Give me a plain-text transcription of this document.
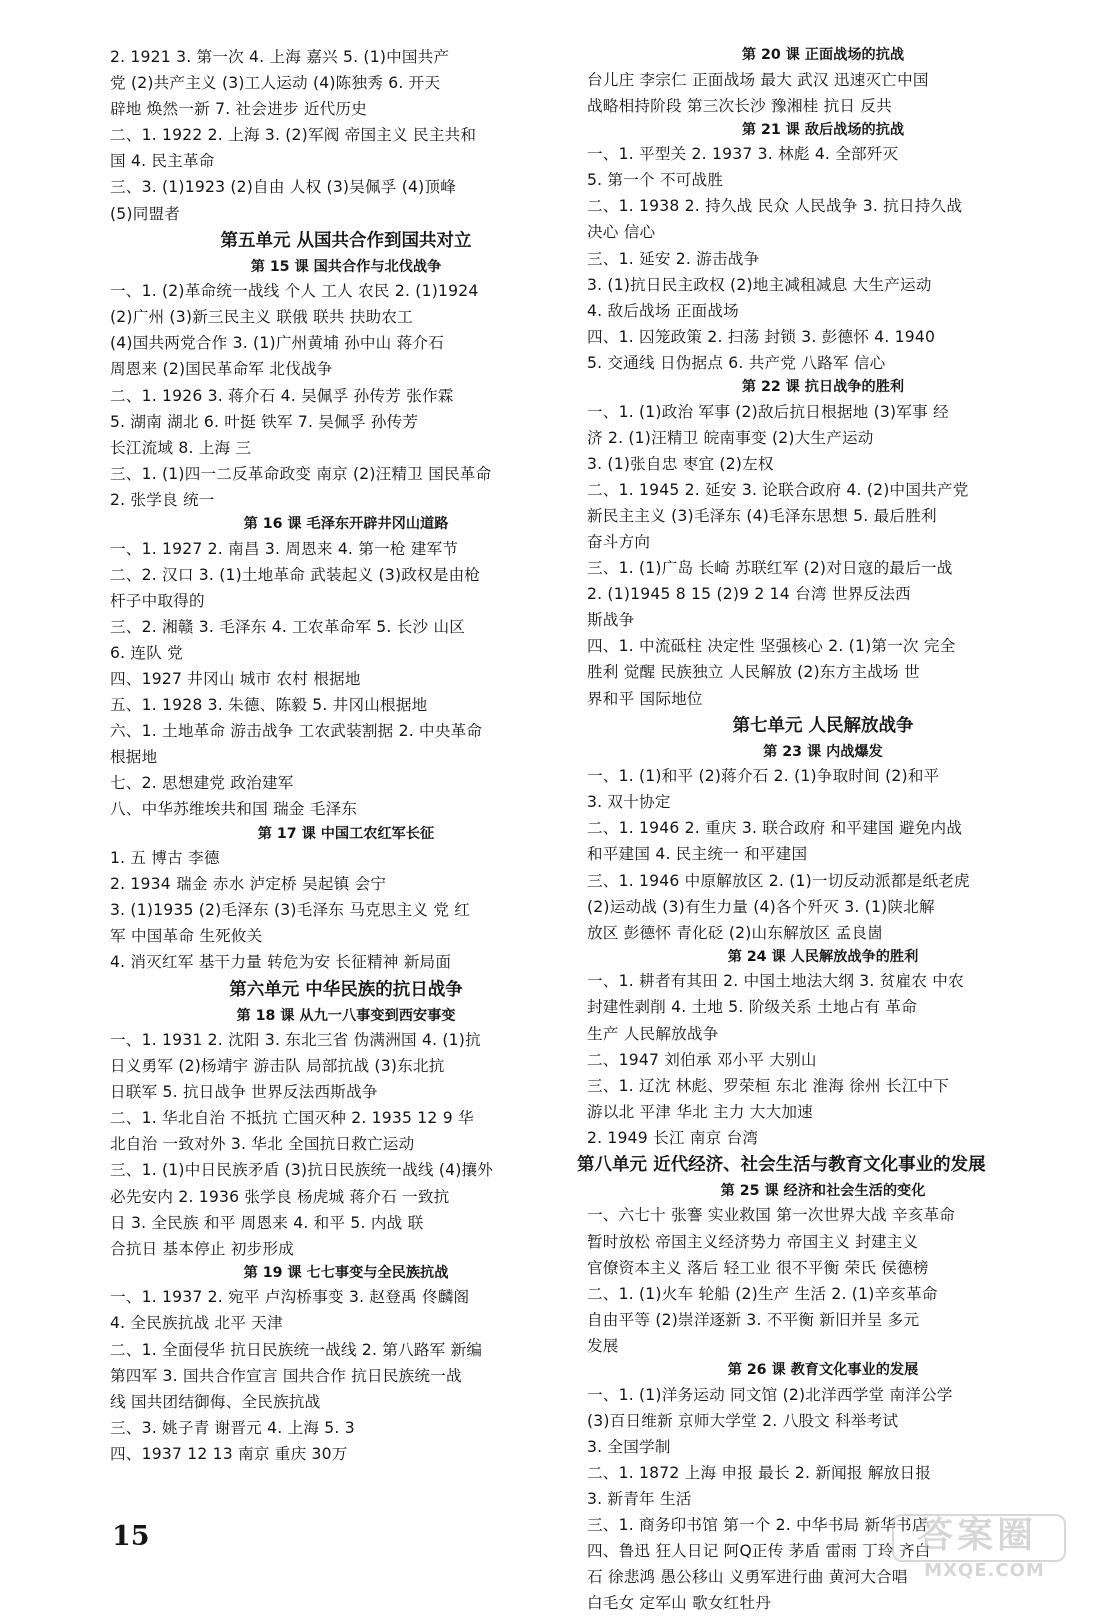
2. 1921 3. 第一次 4. 上海 嘉兴 5. (1)中国共产
党 (2)共产主义 (3)工人运动 (4)陈独秀 6. 开天
辟地 焕然一新 7. 社会进步 近代历史
二、1. 1922 2. 上海 3. (2)军阀 帝国主义 民主共和
国 4. 民主革命
三、3. (1)1923 (2)自由 人权 (3)吴佩孚 (4)顶峰
(5)同盟者
第五单元 从国共合作到国共对立
第 15 课 国共合作与北伐战争
一、1. (2)革命统一战线 个人 工人 农民 2. (1)1924
(2)广州 (3)新三民主义 联俄 联共 扶助农工
(4)国共两党合作 3. (1)广州黄埔 孙中山 蒋介石
周恩来 (2)国民革命军 北伐战争
二、1. 1926 3. 蒋介石 4. 吴佩孚 孙传芳 张作霖
5. 湖南 湖北 6. 叶挺 铁军 7. 吴佩孚 孙传芳
长江流域 8. 上海 三
三、1. (1)四一二反革命政变 南京 (2)汪精卫 国民革命
2. 张学良 统一
第 16 课 毛泽东开辟井冈山道路
一、1. 1927 2. 南昌 3. 周恩来 4. 第一枪 建军节
二、2. 汉口 3. (1)土地革命 武装起义 (3)政权是由枪
杆子中取得的
三、2. 湘赣 3. 毛泽东 4. 工农革命军 5. 长沙 山区
6. 连队 党
四、1927 井冈山 城市 农村 根据地
五、1. 1928 3. 朱德、陈毅 5. 井冈山根据地
六、1. 土地革命 游击战争 工农武装割据 2. 中央革命
根据地
七、2. 思想建党 政治建军
八、中华苏维埃共和国 瑞金 毛泽东
第 17 课 中国工农红军长征
1. 五 博古 李德
2. 1934 瑞金 赤水 泸定桥 吴起镇 会宁
3. (1)1935 (2)毛泽东 (3)毛泽东 马克思主义 党 红
军 中国革命 生死攸关
4. 消灭红军 基干力量 转危为安 长征精神 新局面
第六单元 中华民族的抗日战争
第 18 课 从九一八事变到西安事变
一、1. 1931 2. 沈阳 3. 东北三省 伪满洲国 4. (1)抗
日义勇军 (2)杨靖宇 游击队 局部抗战 (3)东北抗
日联军 5. 抗日战争 世界反法西斯战争
二、1. 华北自治 不抵抗 亡国灭种 2. 1935 12 9 华
北自治 一致对外 3. 华北 全国抗日救亡运动
三、1. (1)中日民族矛盾 (3)抗日民族统一战线 (4)攘外
必先安内 2. 1936 张学良 杨虎城 蒋介石 一致抗
日 3. 全民族 和平 周恩来 4. 和平 5. 内战 联
合抗日 基本停止 初步形成
第 19 课 七七事变与全民族抗战
一、1. 1937 2. 宛平 卢沟桥事变 3. 赵登禹 佟麟阁
4. 全民族抗战 北平 天津
二、1. 全面侵华 抗日民族统一战线 2. 第八路军 新编
第四军 3. 国共合作宣言 国共合作 抗日民族统一战
线 国共团结御侮、全民族抗战
三、3. 姚子青 谢晋元 4. 上海 5. 3
四、1937 12 13 南京 重庆 30万
第 20 课 正面战场的抗战
台儿庄 李宗仁 正面战场 最大 武汉 迅速灭亡中国
战略相持阶段 第三次长沙 豫湘桂 抗日 反共
第 21 课 敌后战场的抗战
一、1. 平型关 2. 1937 3. 林彪 4. 全部歼灭
5. 第一个 不可战胜
二、1. 1938 2. 持久战 民众 人民战争 3. 抗日持久战
决心 信心
三、1. 延安 2. 游击战争
3. (1)抗日民主政权 (2)地主减租减息 大生产运动
4. 敌后战场 正面战场
四、1. 囚笼政策 2. 扫荡 封锁 3. 彭德怀 4. 1940
5. 交通线 日伪据点 6. 共产党 八路军 信心
第 22 课 抗日战争的胜利
一、1. (1)政治 军事 (2)敌后抗日根据地 (3)军事 经
济 2. (1)汪精卫 皖南事变 (2)大生产运动
3. (1)张自忠 枣宜 (2)左权
二、1. 1945 2. 延安 3. 论联合政府 4. (2)中国共产党
新民主主义 (3)毛泽东 (4)毛泽东思想 5. 最后胜利
奋斗方向
三、1. (1)广岛 长崎 苏联红军 (2)对日寇的最后一战
2. (1)1945 8 15 (2)9 2 14 台湾 世界反法西
斯战争
四、1. 中流砥柱 决定性 坚强核心 2. (1)第一次 完全
胜利 觉醒 民族独立 人民解放 (2)东方主战场 世
界和平 国际地位
第七单元 人民解放战争
第 23 课 内战爆发
一、1. (1)和平 (2)蒋介石 2. (1)争取时间 (2)和平
3. 双十协定
二、1. 1946 2. 重庆 3. 联合政府 和平建国 避免内战
和平建国 4. 民主统一 和平建国
三、1. 1946 中原解放区 2. (1)一切反动派都是纸老虎
(2)运动战 (3)有生力量 (4)各个歼灭 3. (1)陕北解
放区 彭德怀 青化砭 (2)山东解放区 孟良崮
第 24 课 人民解放战争的胜利
一、1. 耕者有其田 2. 中国土地法大纲 3. 贫雇农 中农
封建性剥削 4. 土地 5. 阶级关系 土地占有 革命
生产 人民解放战争
二、1947 刘伯承 邓小平 大别山
三、1. 辽沈 林彪、罗荣桓 东北 淮海 徐州 长江中下
游以北 平津 华北 主力 大大加速
2. 1949 长江 南京 台湾
第八单元 近代经济、社会生活与教育文化事业的发展
第 25 课 经济和社会生活的变化
一、六七十 张謇 实业救国 第一次世界大战 辛亥革命
暂时放松 帝国主义经济势力 帝国主义 封建主义
官僚资本主义 落后 轻工业 很不平衡 荣氏 侯德榜
二、1. (1)火车 轮船 (2)生产 生活 2. (1)辛亥革命
自由平等 (2)崇洋逐新 3. 不平衡 新旧并呈 多元
发展
第 26 课 教育文化事业的发展
一、1. (1)洋务运动 同文馆 (2)北洋西学堂 南洋公学
(3)百日维新 京师大学堂 2. 八股文 科举考试
3. 全国学制
二、1. 1872 上海 申报 最长 2. 新闻报 解放日报
3. 新青年 生活
三、1. 商务印书馆 第一个 2. 中华书局 新华书店
四、鲁迅 狂人日记 阿Q正传 茅盾 雷雨 丁玲 齐白
石 徐悲鸿 愚公移山 义勇军进行曲 黄河大合唱
白毛女 定军山 歌女红牡丹
15	答案圈
MXQE.COM
